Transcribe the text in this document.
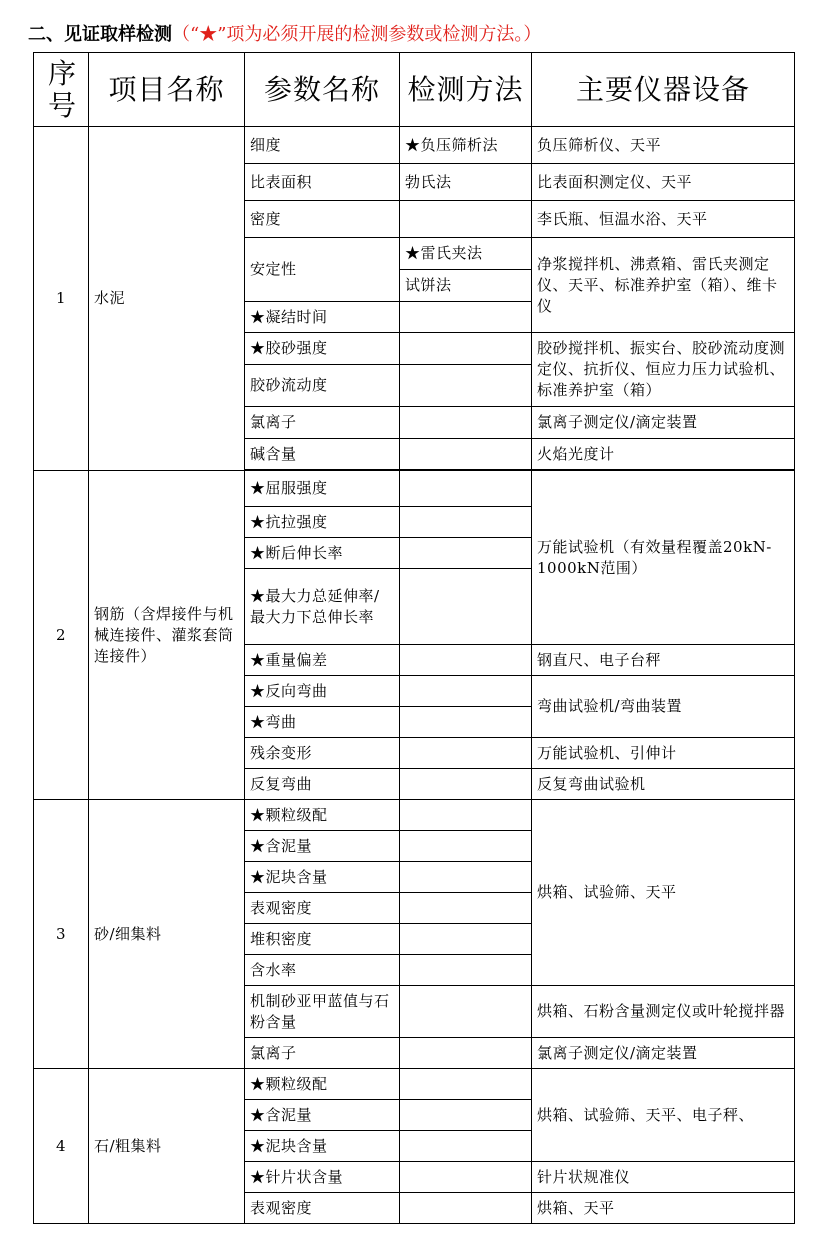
二、见证取样检测（“★”项为必须开展的检测参数或检测方法。）
序号	项目名称	参数名称	检测方法	主要仪器设备
1	水泥	细度	★负压筛析法	负压筛析仪、天平
		比表面积	勃氏法	比表面积测定仪、天平
		密度		李氏瓶、恒温水浴、天平
		安定性	★雷氏夹法	净浆搅拌机、沸煮箱、雷氏夹测定仪、天平、标准养护室（箱）、维卡仪
			试饼法	
		★凝结时间		
		★胶砂强度		胶砂搅拌机、振实台、胶砂流动度测定仪、抗折仪、恒应力压力试验机、标准养护室（箱）
		胶砂流动度		
		氯离子		氯离子测定仪/滴定装置
		碱含量		火焰光度计

2	钢筋（含焊接件与机械连接件、灌浆套筒连接件）	★屈服强度		万能试验机（有效量程覆盖20kN-1000kN范围）
		★抗拉强度		
		★断后伸长率		
		★最大力总延伸率/最大力下总伸长率		
		★重量偏差		钢直尺、电子台秤
		★反向弯曲		弯曲试验机/弯曲装置
		★弯曲		
		残余变形		万能试验机、引伸计
		反复弯曲		反复弯曲试验机
3	砂/细集料	★颗粒级配		烘箱、试验筛、天平
		★含泥量		
		★泥块含量		
		表观密度		
		堆积密度		
		含水率		
		机制砂亚甲蓝值与石粉含量		烘箱、石粉含量测定仪或叶轮搅拌器
		氯离子		氯离子测定仪/滴定装置
4	石/粗集料	★颗粒级配		烘箱、试验筛、天平、电子秤、
		★含泥量		
		★泥块含量		
		★针片状含量		针片状规准仪
		表观密度		烘箱、天平
